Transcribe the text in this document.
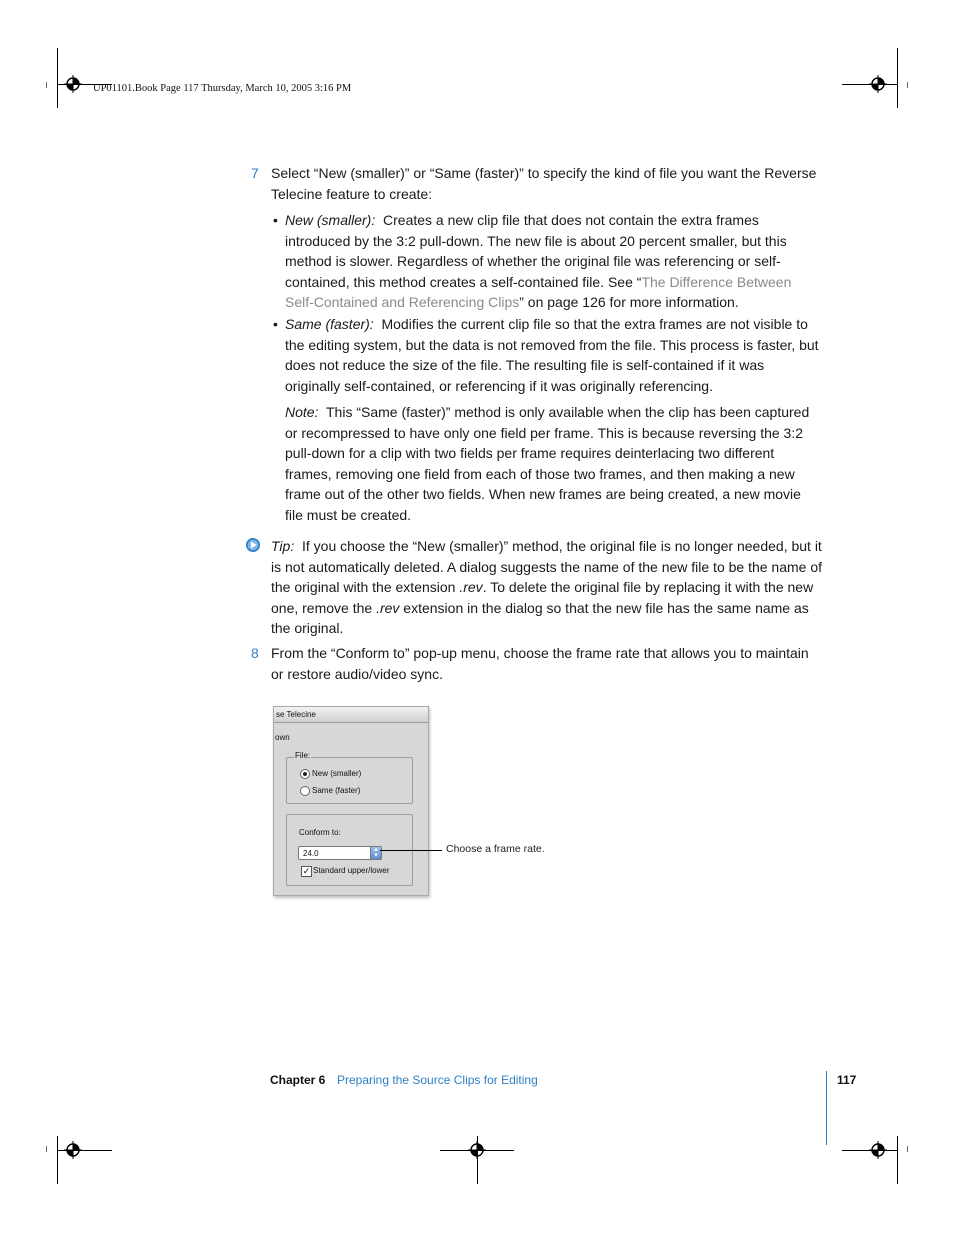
UP01101.Book Page 117 Thursday, March 10, 2005 3:16 PM
7 Select “New (smaller)” or “Same (faster)” to specify the kind of file you want the Reverse Telecine feature to create:
• New (smaller): Creates a new clip file that does not contain the extra frames introduced by the 3:2 pull-down. The new file is about 20 percent smaller, but this method is slower. Regardless of whether the original file was referencing or self-contained, this method creates a self-contained file. See “The Difference Between Self-Contained and Referencing Clips” on page 126 for more information.
• Same (faster): Modifies the current clip file so that the extra frames are not visible to the editing system, but the data is not removed from the file. This process is faster, but does not reduce the size of the file. The resulting file is self-contained if it was originally self-contained, or referencing if it was originally referencing.
Note: This “Same (faster)” method is only available when the clip has been captured or recompressed to have only one field per frame. This is because reversing the 3:2 pull-down for a clip with two fields per frame requires deinterlacing two different frames, removing one field from each of those two frames, and then making a new frame out of the other two fields. When new frames are being created, a new movie file must be created.
Tip: If you choose the “New (smaller)” method, the original file is no longer needed, but it is not automatically deleted. A dialog suggests the name of the new file to be the name of the original with the extension .rev. To delete the original file by replacing it with the new one, remove the .rev extension in the dialog so that the new file has the same name as the original.
8 From the “Conform to” pop-up menu, choose the frame rate that allows you to maintain or restore audio/video sync.
se Telecine
own
File:
New (smaller)
Same (faster)
Conform to:
24.0	▴
▾
✓ Standard upper/lower
Choose a frame rate.
Chapter 6 Preparing the Source Clips for Editing	117
